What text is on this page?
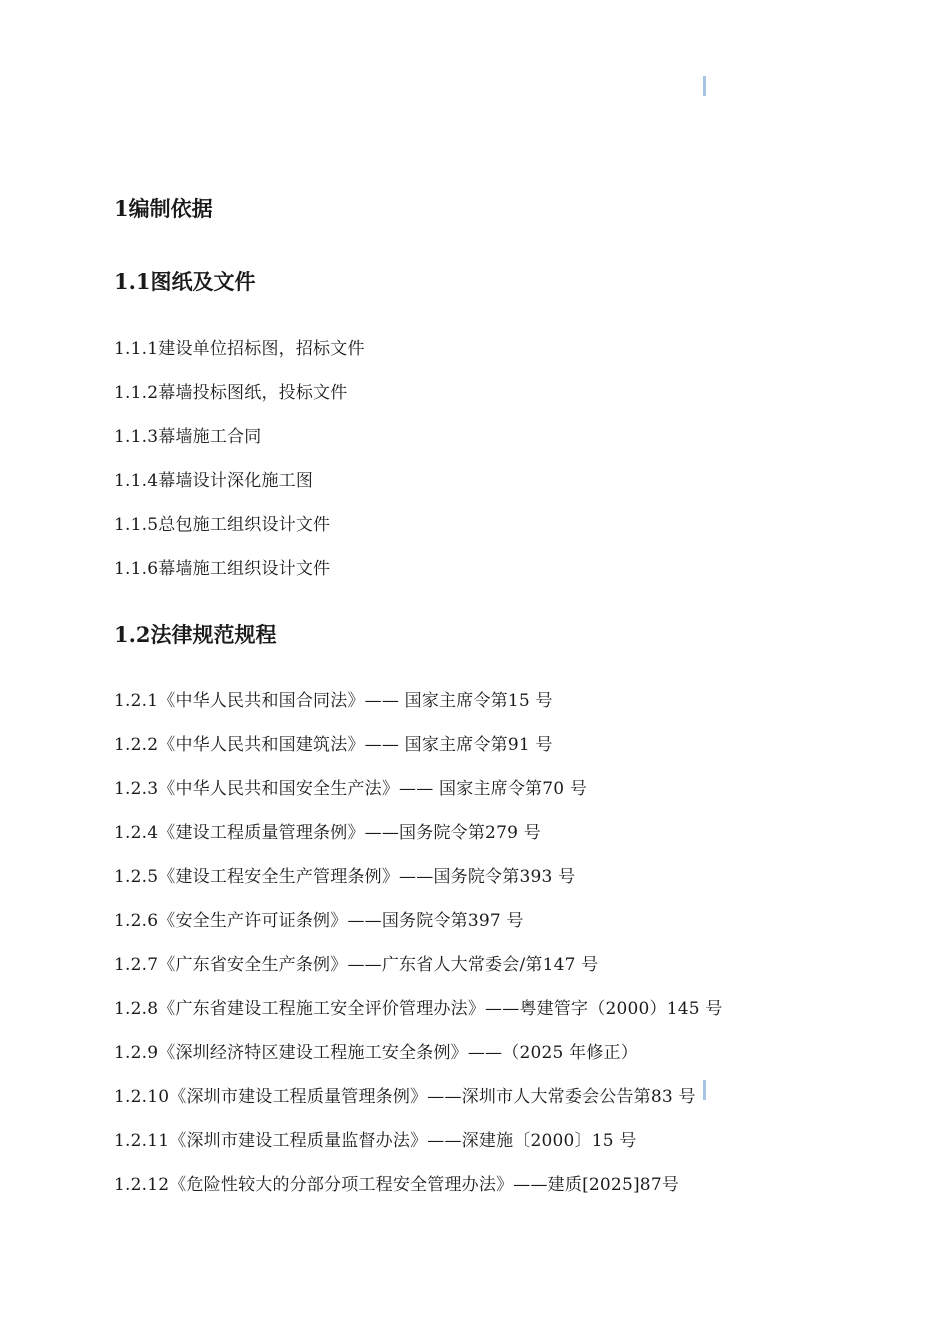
1编制依据
1.1图纸及文件
1.1.1建设单位招标图，招标文件
1.1.2幕墙投标图纸，投标文件
1.1.3幕墙施工合同
1.1.4幕墙设计深化施工图
1.1.5总包施工组织设计文件
1.1.6幕墙施工组织设计文件
1.2法律规范规程
1.2.1《中华人民共和国合同法》—— 国家主席令第15 号
1.2.2《中华人民共和国建筑法》—— 国家主席令第91 号
1.2.3《中华人民共和国安全生产法》—— 国家主席令第70 号
1.2.4《建设工程质量管理条例》——国务院令第279 号
1.2.5《建设工程安全生产管理条例》——国务院令第393 号
1.2.6《安全生产许可证条例》——国务院令第397 号
1.2.7《广东省安全生产条例》——广东省人大常委会/第147 号
1.2.8《广东省建设工程施工安全评价管理办法》——粤建管字（2000）145 号
1.2.9《深圳经济特区建设工程施工安全条例》——（2025 年修正）
1.2.10《深圳市建设工程质量管理条例》——深圳市人大常委会公告第83 号
1.2.11《深圳市建设工程质量监督办法》——深建施〔2000〕15 号
1.2.12《危险性较大的分部分项工程安全管理办法》——建质[2025]87号
